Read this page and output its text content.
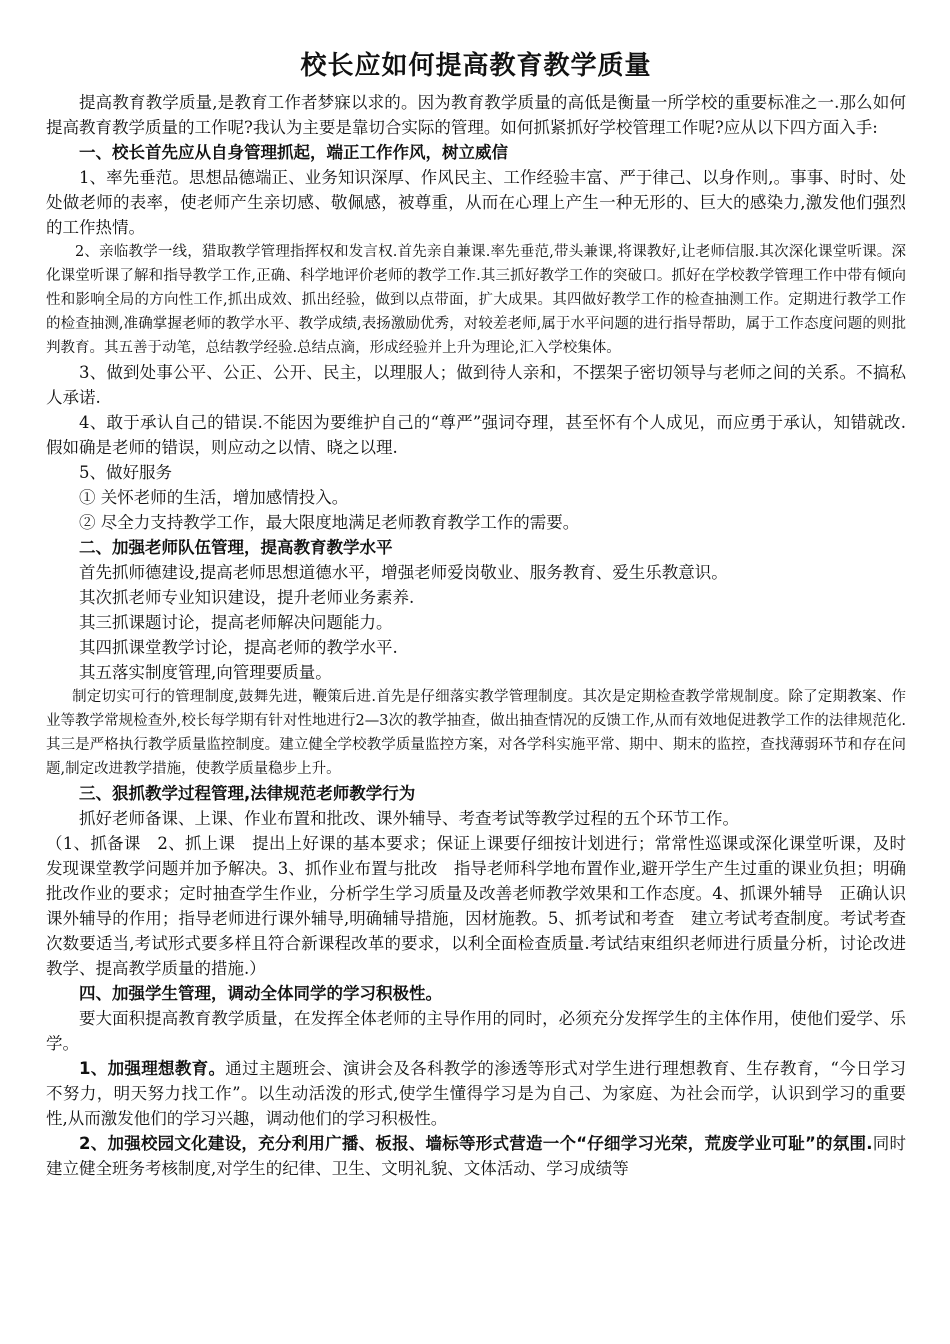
校长应如何提高教育教学质量

提高教育教学质量,是教育工作者梦寐以求的。因为教育教学质量的高低是衡量一所学校的重要标准之一.那么如何提高教育教学质量的工作呢?我认为主要是靠切合实际的管理。如何抓紧抓好学校管理工作呢?应从以下四方面入手:

一、校长首先应从自身管理抓起，端正工作作风，树立威信

1、率先垂范。思想品德端正、业务知识深厚、作风民主、工作经验丰富、严于律己、以身作则,。事事、时时、处处做老师的表率，使老师产生亲切感、敬佩感，被尊重，从而在心理上产生一种无形的、巨大的感染力,激发他们强烈的工作热情。

2、亲临教学一线，猎取教学管理指挥权和发言权.首先亲自兼课.率先垂范,带头兼课,将课教好,让老师信服.其次深化课堂听课。深化课堂听课了解和指导教学工作,正确、科学地评价老师的教学工作.其三抓好教学工作的突破口。抓好在学校教学管理工作中带有倾向性和影响全局的方向性工作,抓出成效、抓出经验，做到以点带面，扩大成果。其四做好教学工作的检查抽测工作。定期进行教学工作的检查抽测,准确掌握老师的教学水平、教学成绩,表扬激励优秀，对较差老师,属于水平问题的进行指导帮助，属于工作态度问题的则批判教育。其五善于动笔，总结教学经验.总结点滴，形成经验并上升为理论,汇入学校集体。

3、做到处事公平、公正、公开、民主，以理服人；做到待人亲和，不摆架子密切领导与老师之间的关系。不搞私人承诺.

4、敢于承认自己的错误.不能因为要维护自己的“尊严”强词夺理，甚至怀有个人成见，而应勇于承认，知错就改.假如确是老师的错误，则应动之以情、晓之以理.

5、做好服务

① 关怀老师的生活，增加感情投入。

② 尽全力支持教学工作，最大限度地满足老师教育教学工作的需要。

二、加强老师队伍管理，提高教育教学水平

首先抓师德建设,提高老师思想道德水平，增强老师爱岗敬业、服务教育、爱生乐教意识。

其次抓老师专业知识建设，提升老师业务素养.

其三抓课题讨论，提高老师解决问题能力。

其四抓课堂教学讨论，提高老师的教学水平.

其五落实制度管理,向管理要质量。

制定切实可行的管理制度,鼓舞先进，鞭策后进.首先是仔细落实教学管理制度。其次是定期检查教学常规制度。除了定期教案、作业等教学常规检查外,校长每学期有针对性地进行2—3次的教学抽查，做出抽查情况的反馈工作,从而有效地促进教学工作的法律规范化.其三是严格执行教学质量监控制度。建立健全学校教学质量监控方案，对各学科实施平常、期中、期末的监控，查找薄弱环节和存在问题,制定改进教学措施，使教学质量稳步上升。

三、狠抓教学过程管理,法律规范老师教学行为

抓好老师备课、上课、作业布置和批改、课外辅导、考查考试等教学过程的五个环节工作。

（1、抓备课　2、抓上课　提出上好课的基本要求；保证上课要仔细按计划进行；常常性巡课或深化课堂听课，及时发现课堂教学问题并加予解决。3、抓作业布置与批改　指导老师科学地布置作业,避开学生产生过重的课业负担；明确批改作业的要求；定时抽查学生作业，分析学生学习质量及改善老师教学效果和工作态度。4、抓课外辅导　正确认识课外辅导的作用；指导老师进行课外辅导,明确辅导措施，因材施教。5、抓考试和考查　建立考试考查制度。考试考查次数要适当,考试形式要多样且符合新课程改革的要求，以利全面检查质量.考试结束组织老师进行质量分析，讨论改进教学、提高教学质量的措施.）

四、加强学生管理，调动全体同学的学习积极性。

要大面积提高教育教学质量，在发挥全体老师的主导作用的同时，必须充分发挥学生的主体作用，使他们爱学、乐学。

1、加强理想教育。通过主题班会、演讲会及各科教学的渗透等形式对学生进行理想教育、生存教育，“今日学习不努力，明天努力找工作”。以生动活泼的形式,使学生懂得学习是为自己、为家庭、为社会而学，认识到学习的重要性,从而激发他们的学习兴趣，调动他们的学习积极性。

2、加强校园文化建设，充分利用广播、板报、墙标等形式营造一个“仔细学习光荣，荒废学业可耻”的氛围.同时建立健全班务考核制度,对学生的纪律、卫生、文明礼貌、文体活动、学习成绩等
